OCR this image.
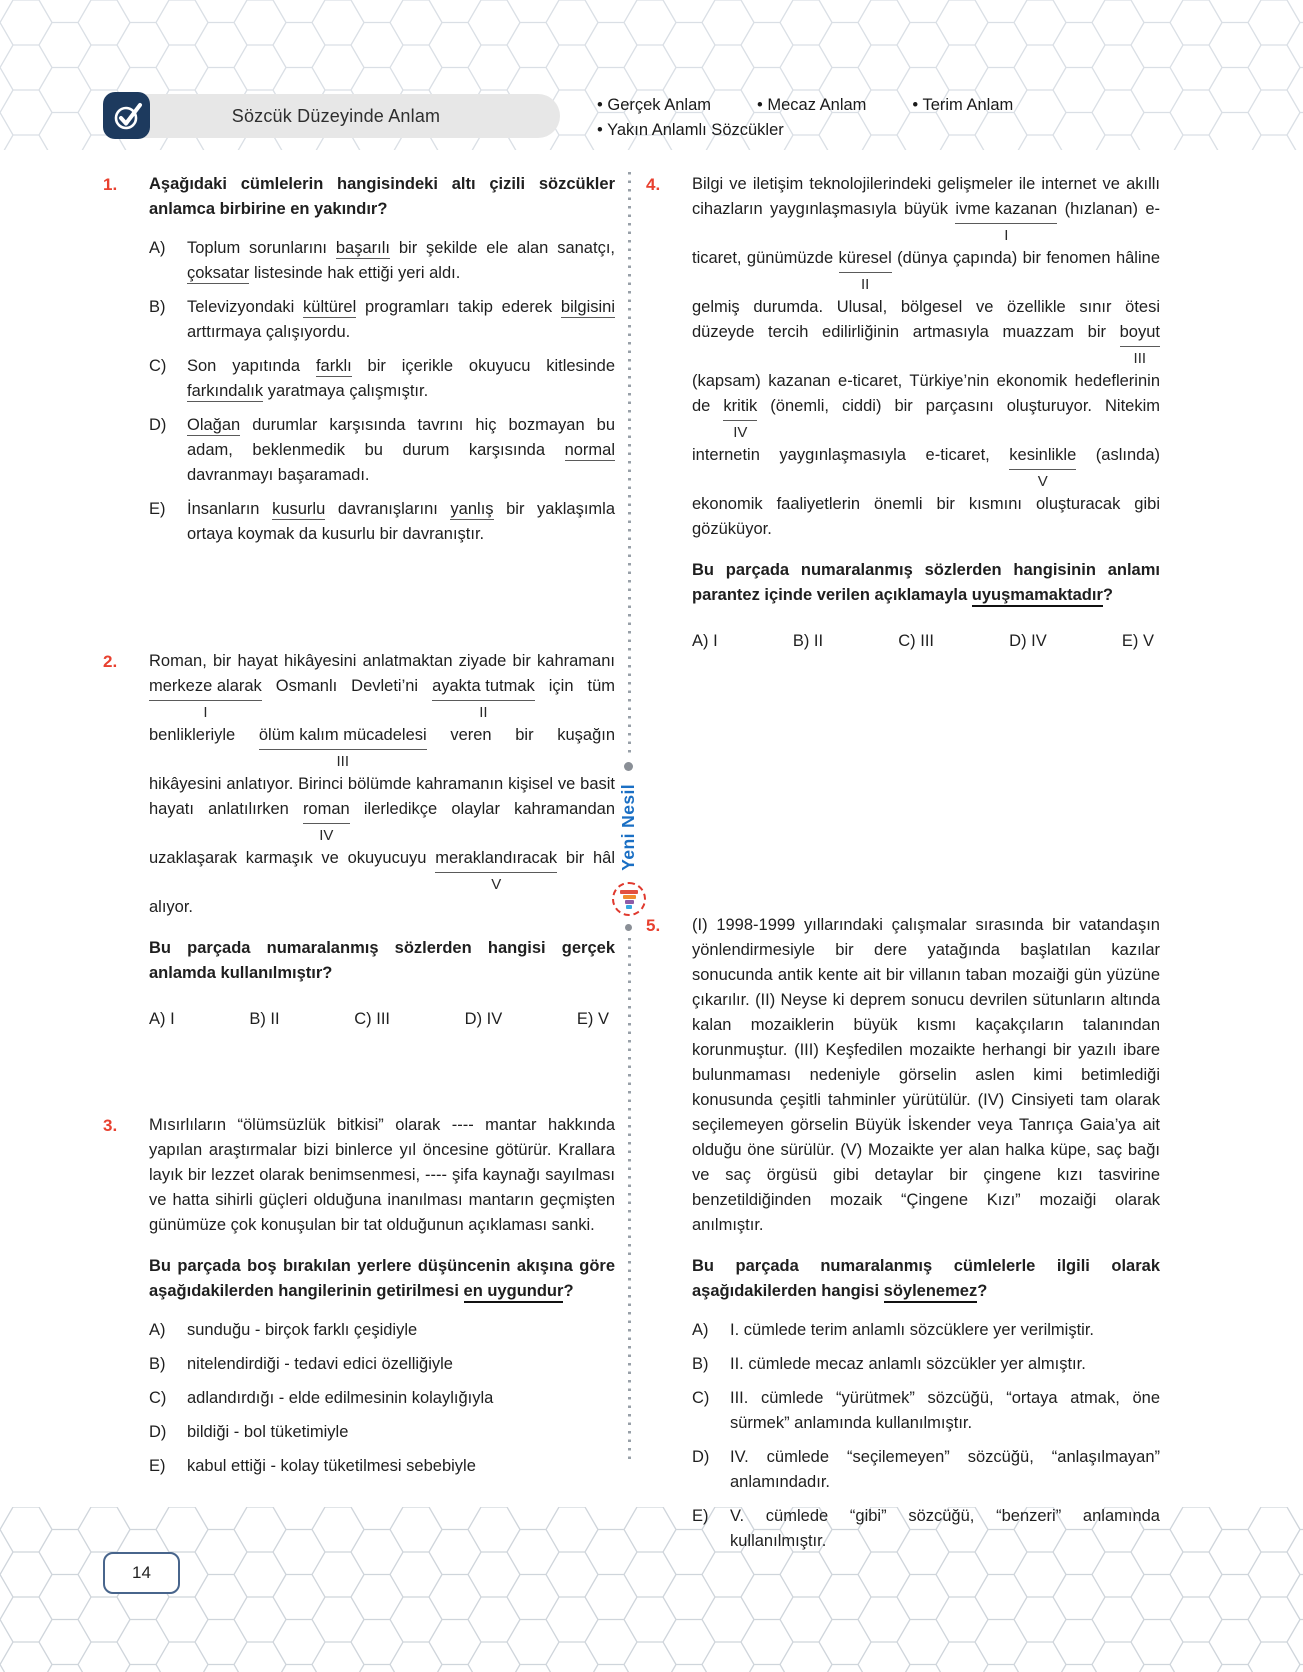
Sözcük Düzeyinde Anlam
• Gerçek Anlam	• Mecaz Anlam	• Terim Anlam
• Yakın Anlamlı Sözcükler
Yeni Nesil
1.	Aşağıdaki cümlelerin hangisindeki altı çizili sözcükler anlamca birbirine en yakındır?

A)	Toplum sorunlarını başarılı bir şekilde ele alan sanatçı, çoksatar listesinde hak ettiği yeri aldı.
B)	Televizyondaki kültürel programları takip ederek bilgisini arttırmaya çalışıyordu.
C)	Son yapıtında farklı bir içerikle okuyucu kitlesinde farkındalık yaratmaya çalışmıştır.
D)	Olağan durumlar karşısında tavrını hiç bozmayan bu adam, beklenmedik bu durum karşısında normal davranmayı başaramadı.
E)	İnsanların kusurlu davranışlarını yanlış bir yaklaşımla ortaya koymak da kusurlu bir davranıştır.
2.	Roman, bir hayat hikâyesini anlatmaktan ziyade bir kahramanı
merkeze alarak
I
Osmanlı Devleti’ni ayakta tutmak
II
için tüm benlikleriyle ölüm kalım mücadelesi
III
veren bir kuşağın hikâyesini anlatıyor. Birinci bölümde kahramanın kişisel ve basit hayatı anlatılırken roman
IV
ilerledikçe olaylar kahramandan uzaklaşarak karmaşık ve okuyucuyu meraklandıracak
V
bir hâl alıyor.

Bu parçada numaralanmış sözlerden hangisi gerçek anlamda kullanılmıştır?

A) I	B) II	C) III	D) IV	E) V
3.	Mısırlıların “ölümsüzlük bitkisi” olarak ---- mantar hakkında yapılan araştırmalar bizi binlerce yıl öncesine götürür. Krallara layık bir lezzet olarak benimsenmesi, ---- şifa kaynağı sayılması ve hatta sihirli güçleri olduğuna inanılması mantarın geçmişten günümüze çok konuşulan bir tat olduğunun açıklaması sanki.

Bu parçada boş bırakılan yerlere düşüncenin akışına göre aşağıdakilerden hangilerinin getirilmesi en uygundur?

A)	sunduğu - birçok farklı çeşidiyle
B)	nitelendirdiği - tedavi edici özelliğiyle
C)	adlandırdığı - elde edilmesinin kolaylığıyla
D)	bildiği - bol tüketimiyle
E)	kabul ettiği - kolay tüketilmesi sebebiyle
4.	Bilgi ve iletişim teknolojilerindeki gelişmeler ile internet ve akıllı cihazların yaygınlaşmasıyla büyük ivme kazanan
I
(hızlanan) e-ticaret, günümüzde küresel
II
(dünya çapında) bir fenomen hâline gelmiş durumda. Ulusal, bölgesel ve özellikle sınır ötesi düzeyde tercih edilirliğinin artmasıyla muazzam bir boyut
III
(kapsam) kazanan e-ticaret, Türkiye’nin ekonomik hedeflerinin de kritik
IV
(önemli, ciddi) bir parçasını oluşturuyor. Nitekim internetin yaygınlaşmasıyla e-ticaret, kesinlikle
V
(aslında) ekonomik faaliyetlerin önemli bir kısmını oluşturacak gibi gözüküyor.

Bu parçada numaralanmış sözlerden hangisinin anlamı parantez içinde verilen açıklamayla uyuşmamaktadır?

A) I	B) II	C) III	D) IV	E) V
5.	(I) 1998-1999 yıllarındaki çalışmalar sırasında bir vatandaşın yönlendirmesiyle bir dere yatağında başlatılan kazılar sonucunda antik kente ait bir villanın taban mozaiği gün yüzüne çıkarılır. (II) Neyse ki deprem sonucu devrilen sütunların altında kalan mozaiklerin büyük kısmı kaçakçıların talanından korunmuştur. (III) Keşfedilen mozaikte herhangi bir yazılı ibare bulunmaması nedeniyle görselin aslen kimi betimlediği konusunda çeşitli tahminler yürütülür. (IV) Cinsiyeti tam olarak seçilemeyen görselin Büyük İskender veya Tanrıça Gaia’ya ait olduğu öne sürülür. (V) Mozaikte yer alan halka küpe, saç bağı ve saç örgüsü gibi detaylar bir çingene kızı tasvirine benzetildiğinden mozaik “Çingene Kızı” mozaiği olarak anılmıştır.

Bu parçada numaralanmış cümlelerle ilgili olarak aşağıdakilerden hangisi söylenemez?

A)	I. cümlede terim anlamlı sözcüklere yer verilmiştir.
B)	II. cümlede mecaz anlamlı sözcükler yer almıştır.
C)	III. cümlede “yürütmek” sözcüğü, “ortaya atmak, öne sürmek” anlamında kullanılmıştır.
D)	IV. cümlede “seçilemeyen” sözcüğü, “anlaşılmayan” anlamındadır.
E)	V. cümlede “gibi” sözcüğü, “benzeri” anlamında kullanılmıştır.
14
